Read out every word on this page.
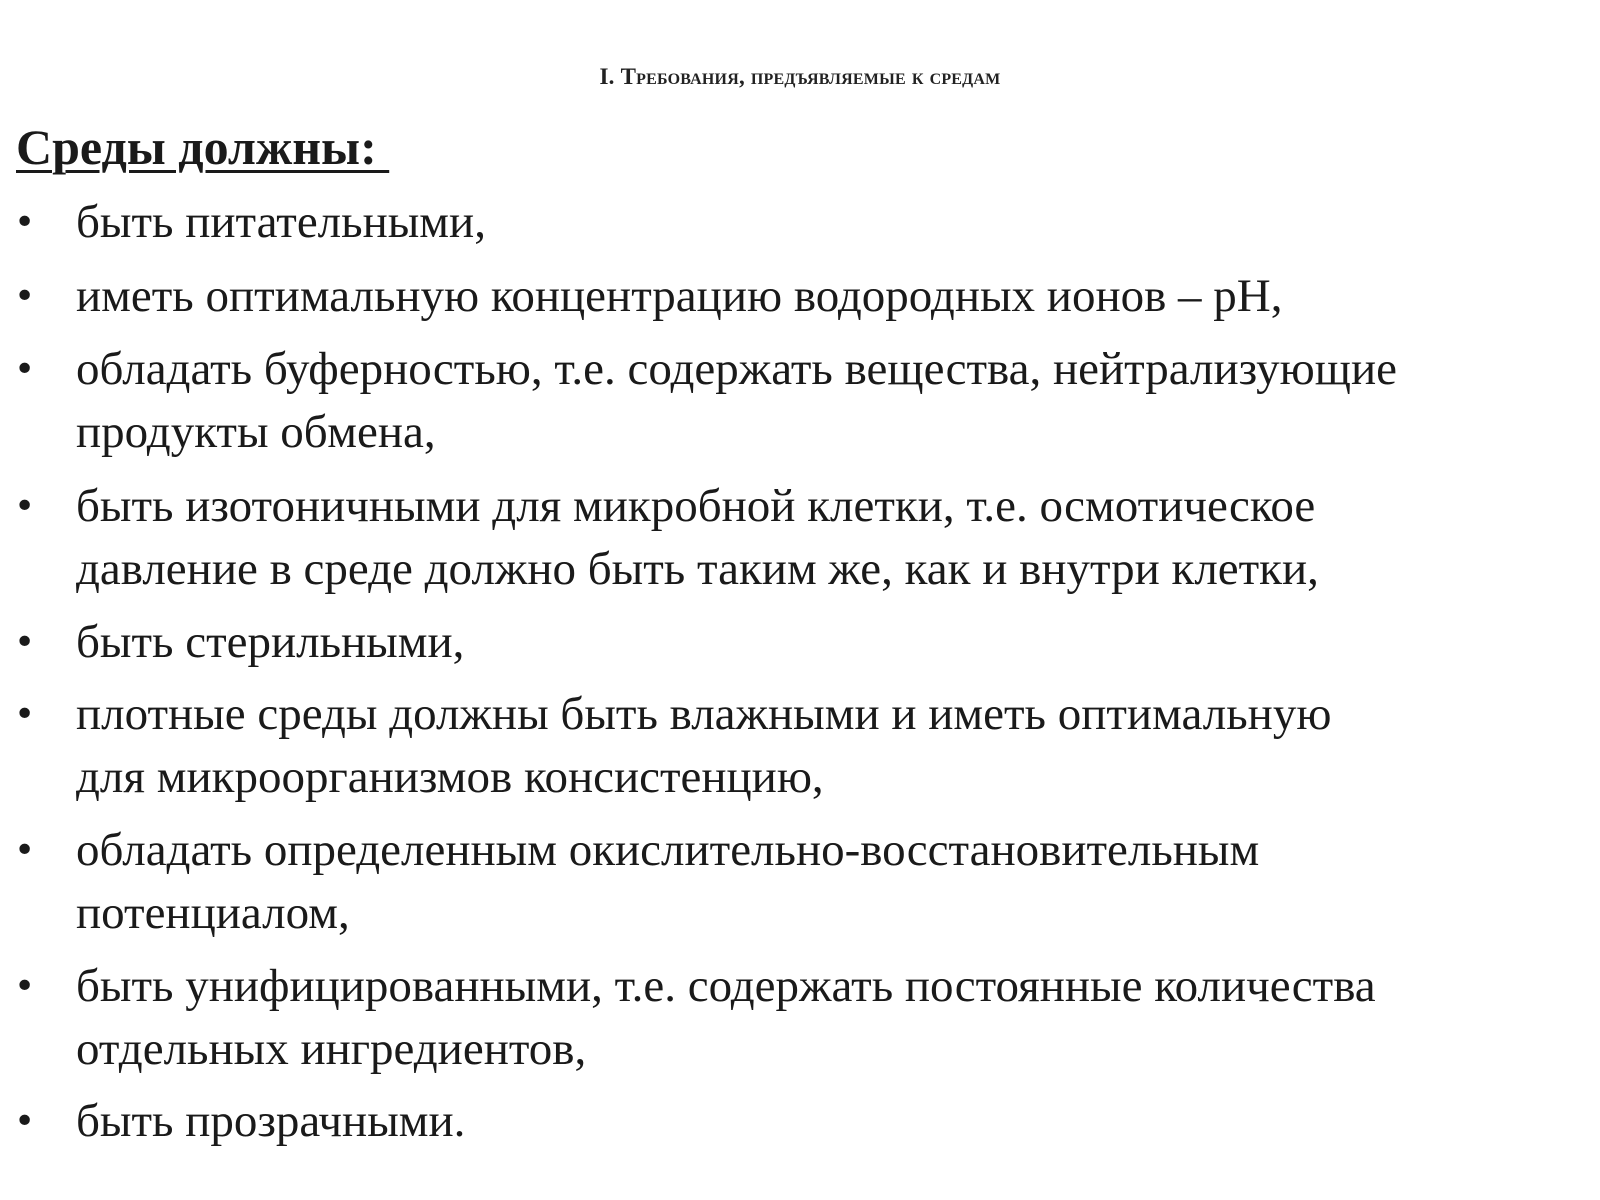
I. Требования, предъявляемые к средам
Среды должны:
• быть питательными,
• иметь оптимальную концентрацию водородных ионов – pH,
• обладать буферностью, т.е. содержать вещества, нейтрализующие
продукты обмена,
• быть изотоничными для микробной клетки, т.е. осмотическое
давление в среде должно быть таким же, как и внутри клетки,
• быть стерильными,
• плотные среды должны быть влажными и иметь оптимальную
для микроорганизмов консистенцию,
• обладать определенным окислительно-восстановительным
потенциалом,
• быть унифицированными, т.е. содержать постоянные количества
отдельных ингредиентов,
• быть прозрачными.
